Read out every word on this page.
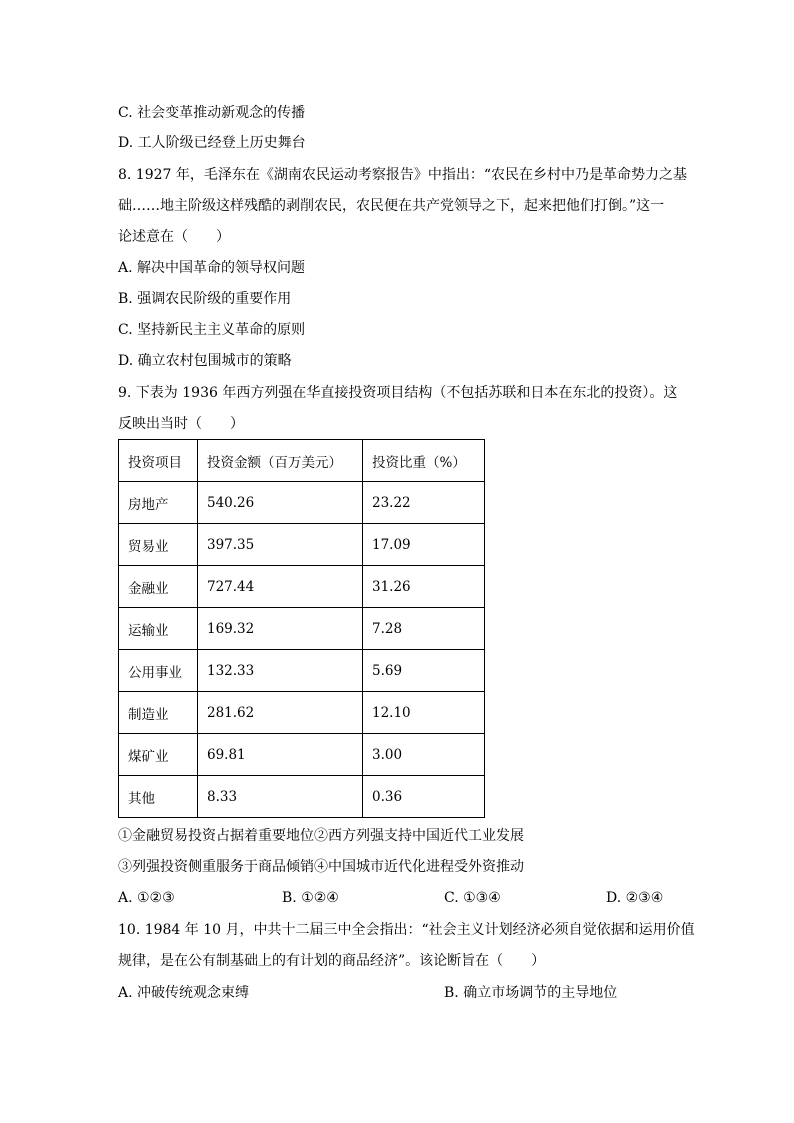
C. 社会变革推动新观念的传播
D. 工人阶级已经登上历史舞台
8. 1927 年，毛泽东在《湖南农民运动考察报告》中指出：“农民在乡村中乃是革命势力之基
础……地主阶级这样残酷的剥削农民，农民便在共产党领导之下，起来把他们打倒。”这一
论述意在（　　）
A. 解决中国革命的领导权问题
B. 强调农民阶级的重要作用
C. 坚持新民主主义革命的原则
D. 确立农村包围城市的策略
9. 下表为 1936 年西方列强在华直接投资项目结构（不包括苏联和日本在东北的投资）。这
反映出当时（　　）
投资项目	投资金额（百万美元）	投资比重（%）
房地产	540.26	23.22
贸易业	397.35	17.09
金融业	727.44	31.26
运输业	169.32	7.28
公用事业	132.33	5.69
制造业	281.62	12.10
煤矿业	69.81	3.00
其他	8.33	0.36
①金融贸易投资占据着重要地位②西方列强支持中国近代工业发展
③列强投资侧重服务于商品倾销④中国城市近代化进程受外资推动
A. ①②③	B. ①②④	C. ①③④	D. ②③④
10. 1984 年 10 月，中共十二届三中全会指出：“社会主义计划经济必须自觉依据和运用价值
规律，是在公有制基础上的有计划的商品经济”。该论断旨在（　　）
A. 冲破传统观念束缚	B. 确立市场调节的主导地位
